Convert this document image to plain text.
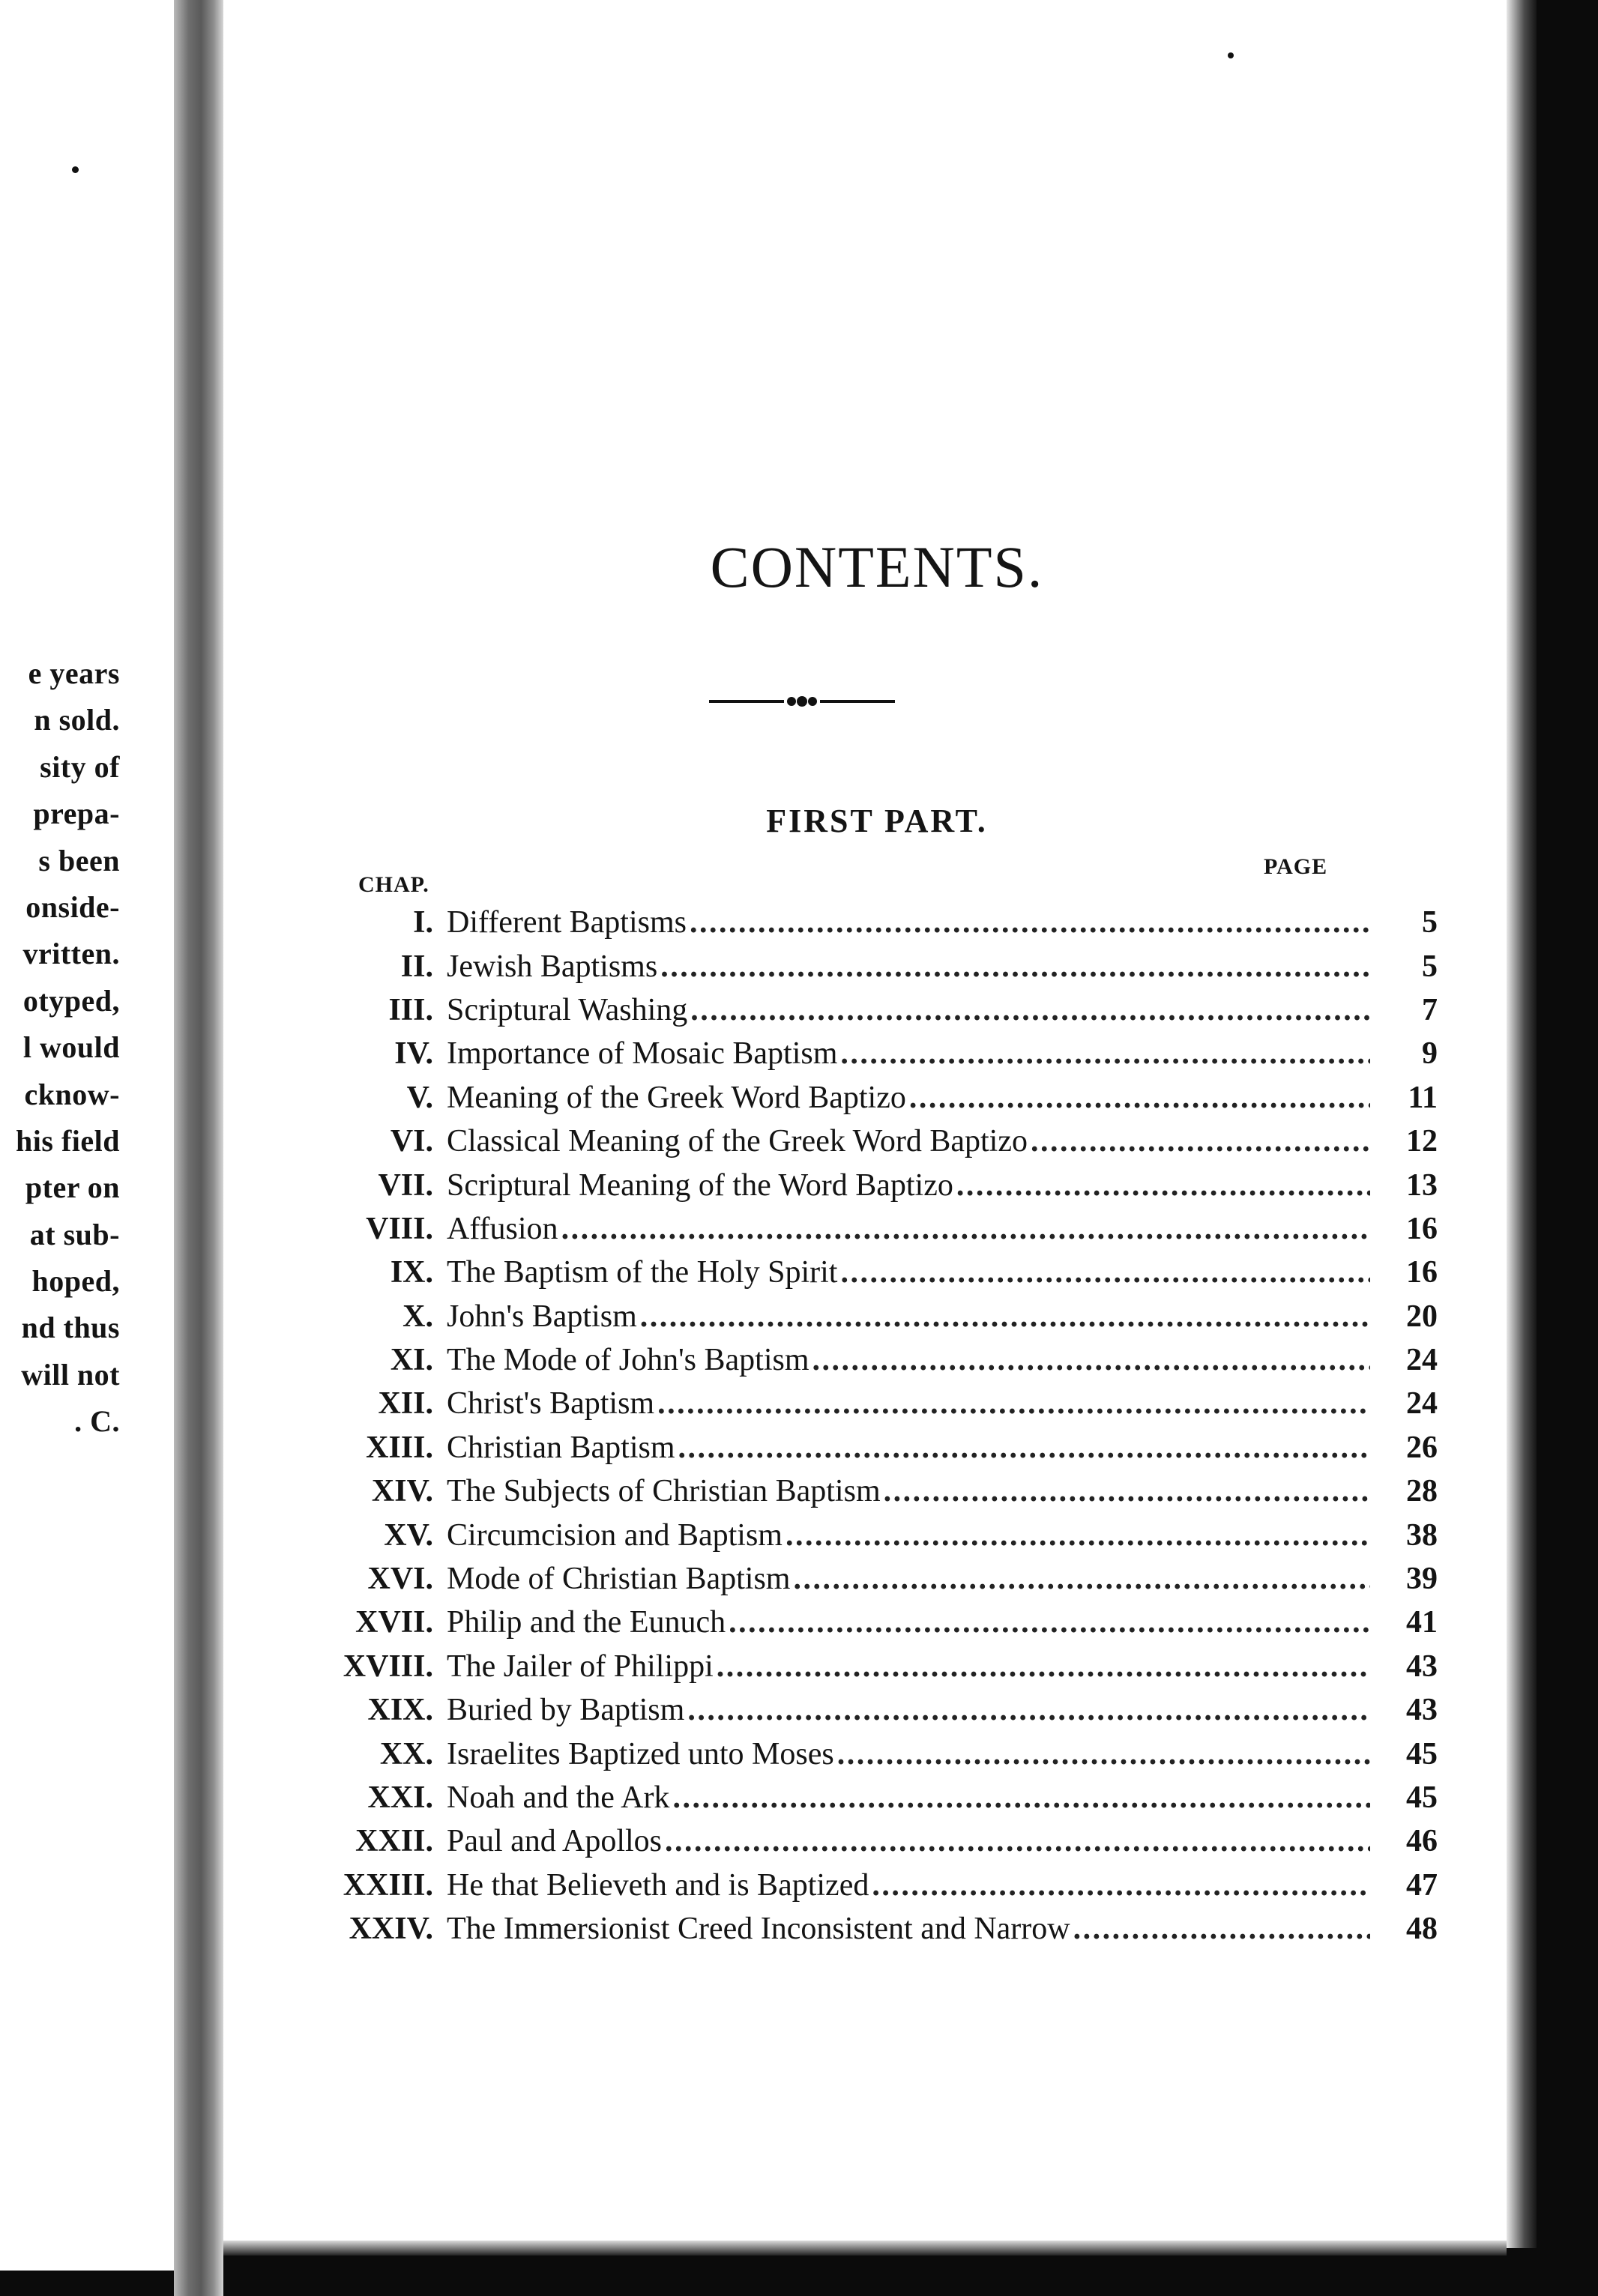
e years
n sold.
sity of
prepa-
s been
onside-
vritten.
otyped,
l would
cknow-
his field
pter on
at sub-
hoped,
nd thus
will not
. C.
CONTENTS.
FIRST PART.
CHAP.
PAGE
I. Different Baptisms . . .	5
II. Jewish Baptisms . . .	5
III. Scriptural Washing . . .	7
IV. Importance of Mosaic Baptism . . .	9
V. Meaning of the Greek Word Baptizo . . .	11
VI. Classical Meaning of the Greek Word Baptizo . . .	12
VII. Scriptural Meaning of the Word Baptizo . . .	13
VIII. Affusion . . .	16
IX. The Baptism of the Holy Spirit . . .	16
X. John's Baptism . . .	20
XI. The Mode of John's Baptism . . .	24
XII. Christ's Baptism . . .	24
XIII. Christian Baptism . . .	26
XIV. The Subjects of Christian Baptism . . .	28
XV. Circumcision and Baptism . . .	38
XVI. Mode of Christian Baptism . . .	39
XVII. Philip and the Eunuch . . .	41
XVIII. The Jailer of Philippi . . .	43
XIX. Buried by Baptism . . .	43
XX. Israelites Baptized unto Moses . . .	45
XXI. Noah and the Ark . . .	45
XXII. Paul and Apollos . . .	46
XXIII. He that Believeth and is Baptized . . .	47
XXIV. The Immersionist Creed Inconsistent and Narrow . . .	48
